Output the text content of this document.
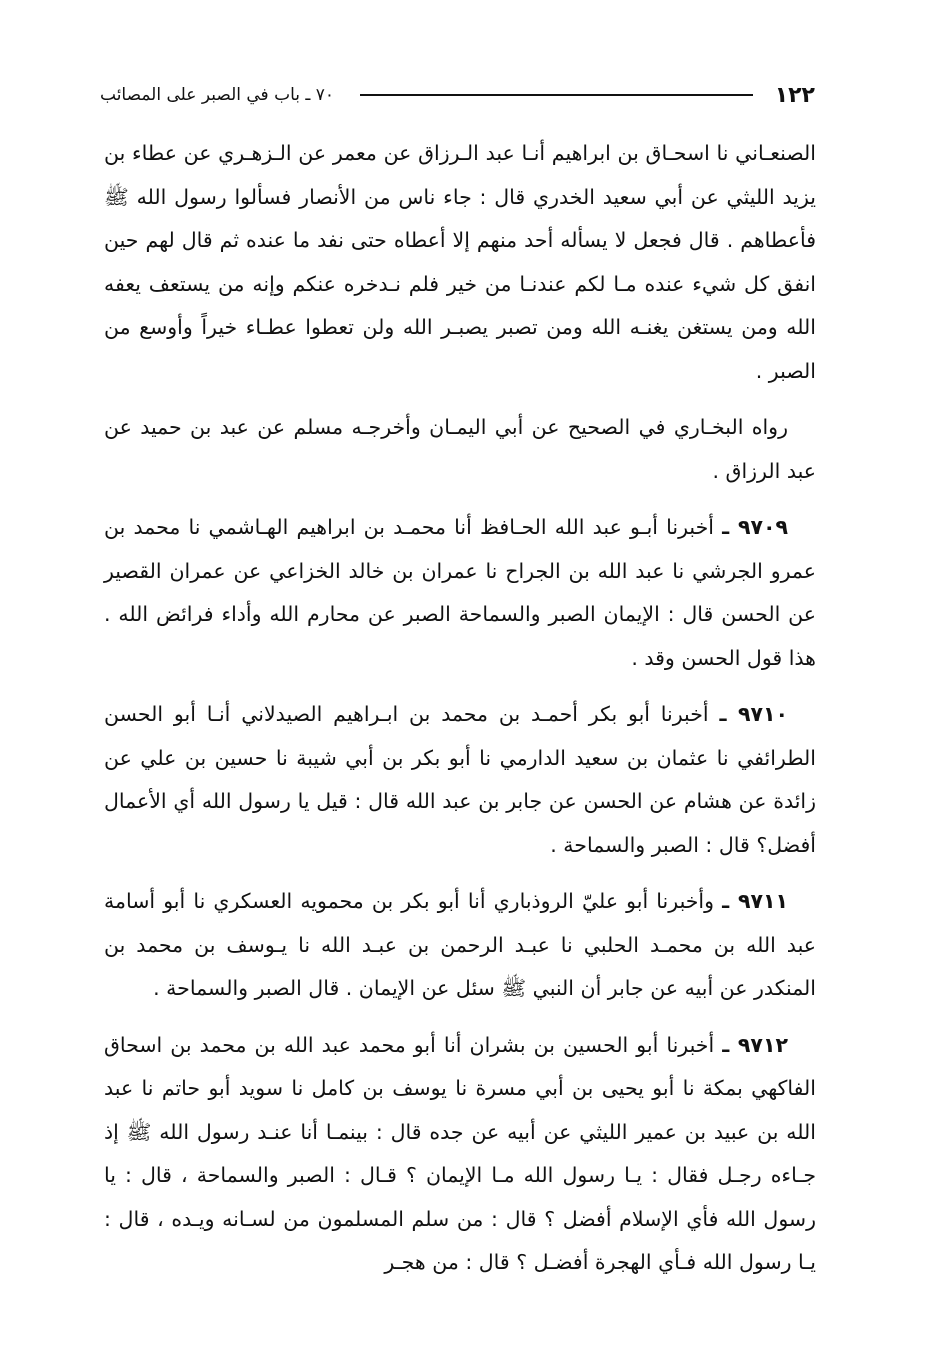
١٢٢
٧٠ ـ باب في الصبر على المصائب

الصنعـاني نا اسحـاق بن ابراهيم أنـا عبد الـرزاق عن معمر عن الـزهـري عن عطاء بن يزيد الليثي عن أبي سعيد الخدري قال : جاء ناس من الأنصار فسألوا رسول الله ﷺ فأعطاهم . قال فجعل لا يسأله أحد منهم إلا أعطاه حتى نفد ما عنده ثم قال لهم حين انفق كل شيء عنده مـا لكم عندنـا من خير فلم نـدخره عنكم وإنه من يستعف يعفه الله ومن يستغن يغنـه الله ومن تصبر يصبـر الله ولن تعطوا عطـاء خيراً وأوسع من الصبر .

رواه البخـاري في الصحيح عن أبي اليمـان وأخرجـه مسلم عن عبد بن حميد عن عبد الرزاق .

٩٧٠٩ ـ أخبرنا أبـو عبد الله الحـافظ أنا محمـد بن ابراهيم الهـاشمي نا محمد بن عمرو الجرشي نا عبد الله بن الجراح نا عمران بن خالد الخزاعي عن عمران القصير عن الحسن قال : الإيمان الصبر والسماحة الصبر عن محارم الله وأداء فرائض الله . هذا قول الحسن وقد .

٩٧١٠ ـ أخبرنا أبو بكر أحمـد بن محمد بن ابـراهيم الصيدلاني أنـا أبو الحسن الطرائفي نا عثمان بن سعيد الدارمي نا أبو بكر بن أبي شيبة نا حسين بن علي عن زائدة عن هشام عن الحسن عن جابر بن عبد الله قال : قيل يا رسول الله أي الأعمال أفضل؟ قال : الصبر والسماحة .

٩٧١١ ـ وأخبرنا أبو عليّ الروذباري أنا أبو بكر بن محمويه العسكري نا أبو أسامة عبد الله بن محمـد الحلبي نا عبـد الرحمن بن عبـد الله نا يـوسف بن محمد بن المنكدر عن أبيه عن جابر أن النبي ﷺ سئل عن الإيمان . قال الصبر والسماحة .

٩٧١٢ ـ أخبرنا أبو الحسين بن بشران أنا أبو محمد عبد الله بن محمد بن اسحاق الفاكهي بمكة نا أبو يحيى بن أبي مسرة نا يوسف بن كامل نا سويد أبو حاتم نا عبد الله بن عبيد بن عمير الليثي عن أبيه عن جده قال : بينمـا أنا عنـد رسول الله ﷺ إذ جـاءه رجـل فقال : يـا رسول الله مـا الإيمان ؟ قـال : الصبر والسماحة ، قال : يا رسول الله فأي الإسلام أفضل ؟ قال : من سلم المسلمون من لسـانه ويـده ، قال : يـا رسول الله فـأي الهجرة أفضـل ؟ قال : من هجـر
